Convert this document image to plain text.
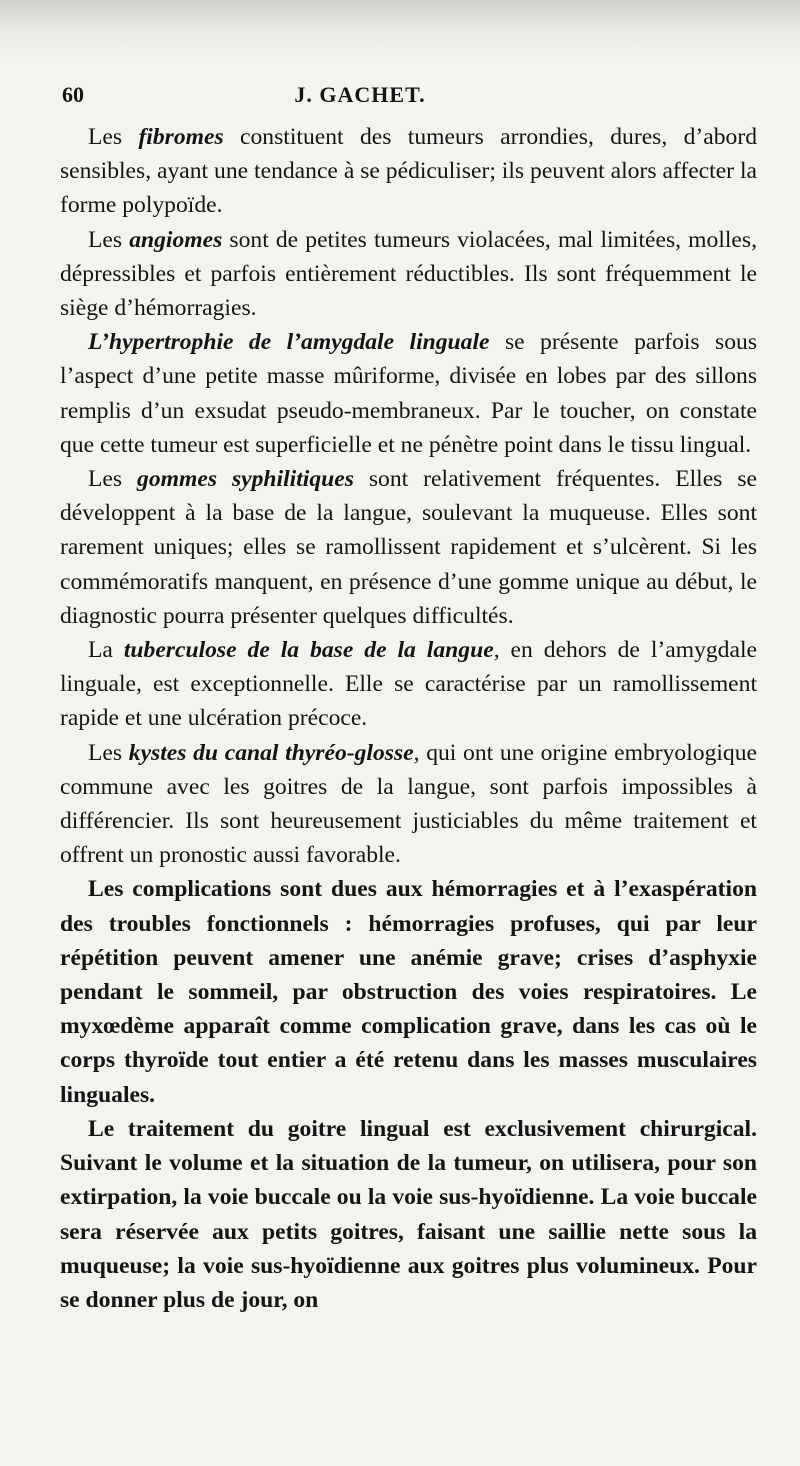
60	J. GACHET.

Les fibromes constituent des tumeurs arrondies, dures, d’abord sensibles, ayant une tendance à se pédiculiser; ils peuvent alors affecter la forme polypoïde.

Les angiomes sont de petites tumeurs violacées, mal limitées, molles, dépressibles et parfois entièrement réductibles. Ils sont fréquemment le siège d’hémorragies.

L’hypertrophie de l’amygdale linguale se présente parfois sous l’aspect d’une petite masse mûriforme, divisée en lobes par des sillons remplis d’un exsudat pseudo-membraneux. Par le toucher, on constate que cette tumeur est superficielle et ne pénètre point dans le tissu lingual.

Les gommes syphilitiques sont relativement fréquentes. Elles se développent à la base de la langue, soulevant la muqueuse. Elles sont rarement uniques; elles se ramollissent rapidement et s’ulcèrent. Si les commémoratifs manquent, en présence d’une gomme unique au début, le diagnostic pourra présenter quelques difficultés.

La tuberculose de la base de la langue, en dehors de l’amygdale linguale, est exceptionnelle. Elle se caractérise par un ramollissement rapide et une ulcération précoce.

Les kystes du canal thyréo-glosse, qui ont une origine embryologique commune avec les goitres de la langue, sont parfois impossibles à différencier. Ils sont heureusement justiciables du même traitement et offrent un pronostic aussi favorable.

Les complications sont dues aux hémorragies et à l’exaspération des troubles fonctionnels : hémorragies profuses, qui par leur répétition peuvent amener une anémie grave; crises d’asphyxie pendant le sommeil, par obstruction des voies respiratoires. Le myxœdème apparaît comme complication grave, dans les cas où le corps thyroïde tout entier a été retenu dans les masses musculaires linguales.

Le traitement du goitre lingual est exclusivement chirurgical. Suivant le volume et la situation de la tumeur, on utilisera, pour son extirpation, la voie buccale ou la voie sus-hyoïdienne. La voie buccale sera réservée aux petits goitres, faisant une saillie nette sous la muqueuse; la voie sus-hyoïdienne aux goitres plus volumineux. Pour se donner plus de jour, on
